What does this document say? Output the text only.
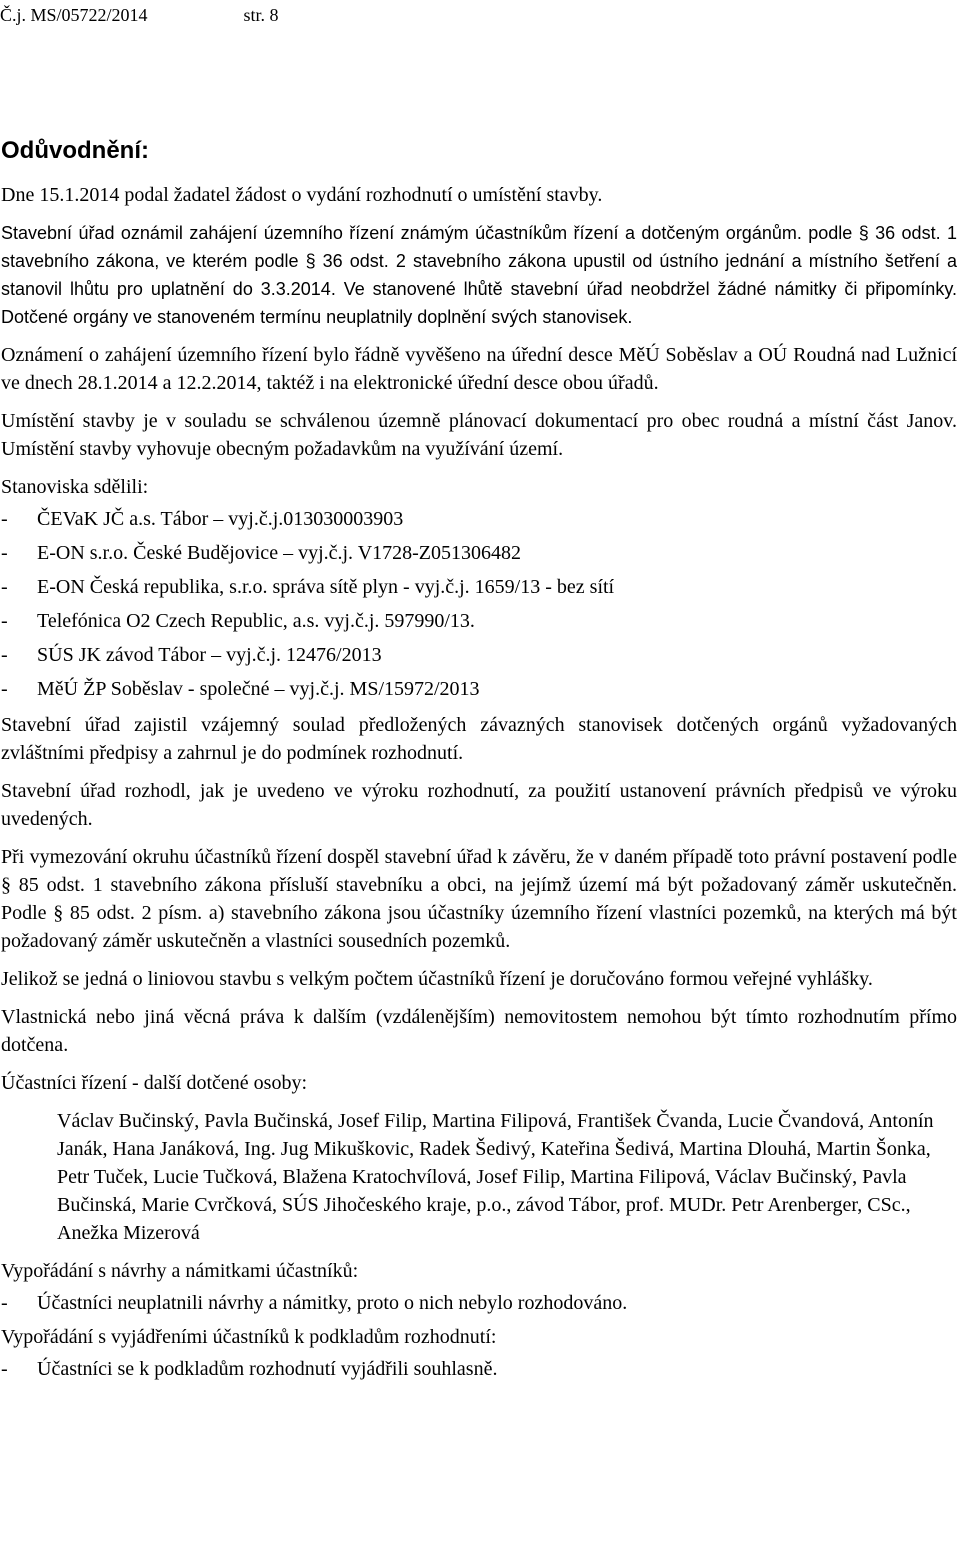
Č.j. MS/05722/2014	str. 8
Odůvodnění:

Dne 15.1.2014 podal žadatel žádost o vydání rozhodnutí o umístění stavby.

Stavební úřad oznámil zahájení územního řízení známým účastníkům řízení a dotčeným orgánům. podle § 36 odst. 1 stavebního zákona, ve kterém podle § 36 odst. 2 stavebního zákona upustil od ústního jednání a místního šetření a stanovil lhůtu pro uplatnění do 3.3.2014. Ve stanovené lhůtě stavební úřad neobdržel žádné námitky či připomínky. Dotčené orgány ve stanoveném termínu neuplatnily doplnění svých stanovisek.

Oznámení o zahájení územního řízení bylo řádně vyvěšeno na úřední desce MěÚ Soběslav a OÚ Roudná nad Lužnicí ve dnech 28.1.2014 a 12.2.2014, taktéž i na elektronické úřední desce obou úřadů.

Umístění stavby je v souladu se schválenou územně plánovací dokumentací pro obec roudná a místní část Janov. Umístění stavby vyhovuje obecným požadavkům na využívání území.

Stanoviska sdělili:

- ČEVaK JČ a.s. Tábor – vyj.č.j.013030003903
- E-ON s.r.o. České Budějovice – vyj.č.j. V1728-Z051306482
- E-ON Česká republika, s.r.o. správa sítě plyn - vyj.č.j. 1659/13 - bez sítí
- Telefónica O2 Czech Republic, a.s. vyj.č.j. 597990/13.
- SÚS JK závod Tábor – vyj.č.j. 12476/2013
- MěÚ ŽP Soběslav - společné – vyj.č.j. MS/15972/2013

Stavební úřad zajistil vzájemný soulad předložených závazných stanovisek dotčených orgánů vyžadovaných zvláštními předpisy a zahrnul je do podmínek rozhodnutí.

Stavební úřad rozhodl, jak je uvedeno ve výroku rozhodnutí, za použití ustanovení právních předpisů ve výroku uvedených.

Při vymezování okruhu účastníků řízení dospěl stavební úřad k závěru, že v daném případě toto právní postavení podle § 85 odst. 1 stavebního zákona přísluší stavebníku a obci, na jejímž území má být požadovaný záměr uskutečněn. Podle § 85 odst. 2 písm. a) stavebního zákona jsou účastníky územního řízení vlastníci pozemků, na kterých má být požadovaný záměr uskutečněn a vlastníci sousedních pozemků.

Jelikož se jedná o liniovou stavbu s velkým počtem účastníků řízení je doručováno formou veřejné vyhlášky.

Vlastnická nebo jiná věcná práva k dalším (vzdálenějším) nemovitostem nemohou být tímto rozhodnutím přímo dotčena.

Účastníci řízení - další dotčené osoby:

Václav Bučinský, Pavla Bučinská, Josef Filip, Martina Filipová, František Čvanda, Lucie Čvandová, Antonín Janák, Hana Janáková, Ing. Jug Mikuškovic, Radek Šedivý, Kateřina Šedivá, Martina Dlouhá, Martin Šonka, Petr Tuček, Lucie Tučková, Blažena Kratochvílová, Josef Filip, Martina Filipová, Václav Bučinský, Pavla Bučinská, Marie Cvrčková, SÚS Jihočeského kraje, p.o., závod Tábor, prof. MUDr. Petr Arenberger, CSc., Anežka Mizerová

Vypořádání s návrhy a námitkami účastníků:

- Účastníci neuplatnili návrhy a námitky, proto o nich nebylo rozhodováno.

Vypořádání s vyjádřeními účastníků k podkladům rozhodnutí:

- Účastníci se k podkladům rozhodnutí vyjádřili souhlasně.
